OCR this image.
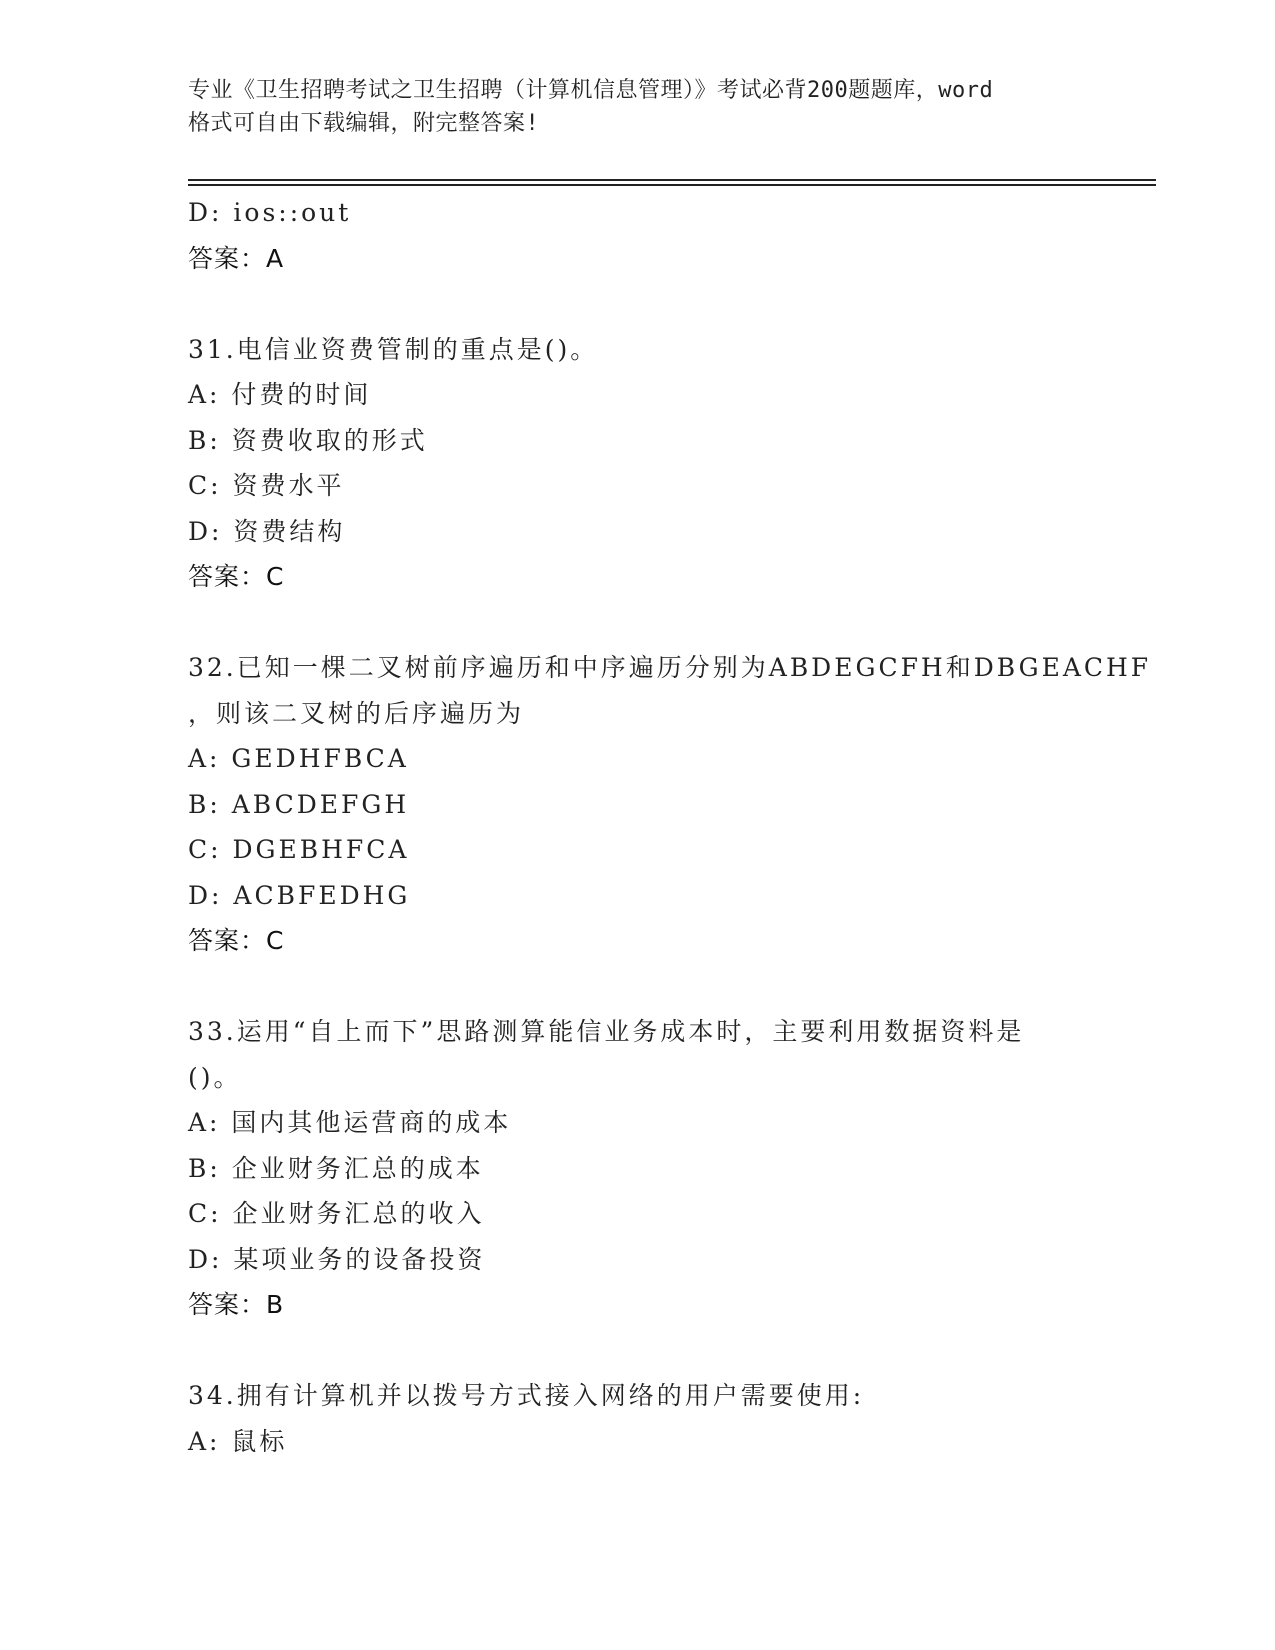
专业《卫生招聘考试之卫生招聘（计算机信息管理）》考试必背200题题库，word
格式可自由下载编辑，附完整答案!
D: ios::out
答案：A
31.电信业资费管制的重点是()。
A: 付费的时间
B: 资费收取的形式
C: 资费水平
D: 资费结构
答案：C
32.已知一棵二叉树前序遍历和中序遍历分别为ABDEGCFH和DBGEACHF
，则该二叉树的后序遍历为
A: GEDHFBCA
B: ABCDEFGH
C: DGEBHFCA
D: ACBFEDHG
答案：C
33.运用“自上而下”思路测算能信业务成本时，主要利用数据资料是
()。
A: 国内其他运营商的成本
B: 企业财务汇总的成本
C: 企业财务汇总的收入
D: 某项业务的设备投资
答案：B
34.拥有计算机并以拨号方式接入网络的用户需要使用:
A: 鼠标
